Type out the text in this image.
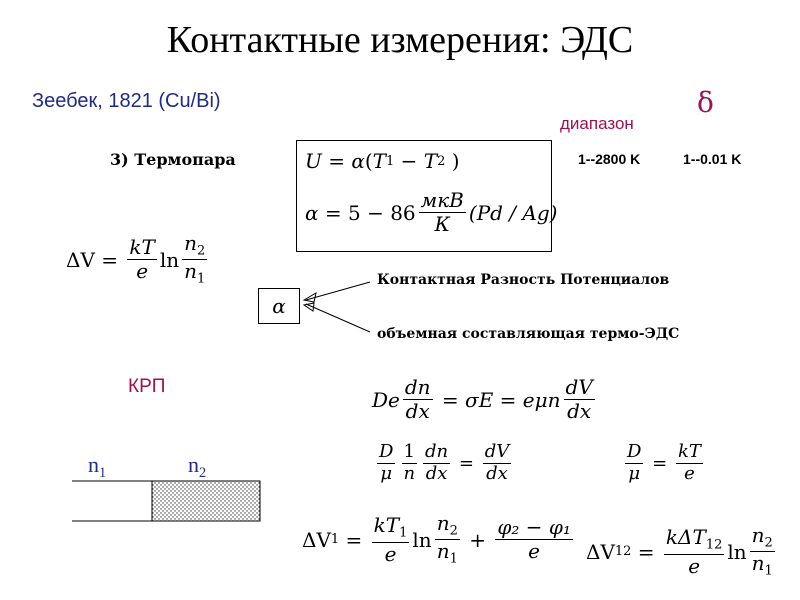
Контактные измерения: ЭДС
Зеебек, 1821 (Cu/Bi)
диапазон
δ
3) Термопара	1--2800 K	1--0.01 K
U = α ( T 1 − T 2 )
$\alpha = 5 - 86 \frac{\text{мкВ}}{К} (Pd / Ag)$
$\Delta V = \frac{kT}{e}$ $\ln \frac{n_2}{n_1}$
α
Контактная Разность Потенциалов
объемная составляющая термо-ЭДС
КРП
De $\frac{dn}{dx} = \sigma E = e\mu n \frac{dV}{dx}$
$\frac{D}{\mu} \frac{1}{n} \frac{dn}{dx} = \frac{dV}{dx}$	$\frac{D}{\mu} = \frac{kT}{e}$
$n_1$	$n_2$
ΔV $1 = \frac{kT_1}{e}$ $\ln \frac{n_2}{n_1} + \frac{\text{φ₂ − φ₁}}{e}$ ΔV $12 = \frac{k\Delta T_{12}}{e}$ $\ln \frac{n_2}{n_1}$
